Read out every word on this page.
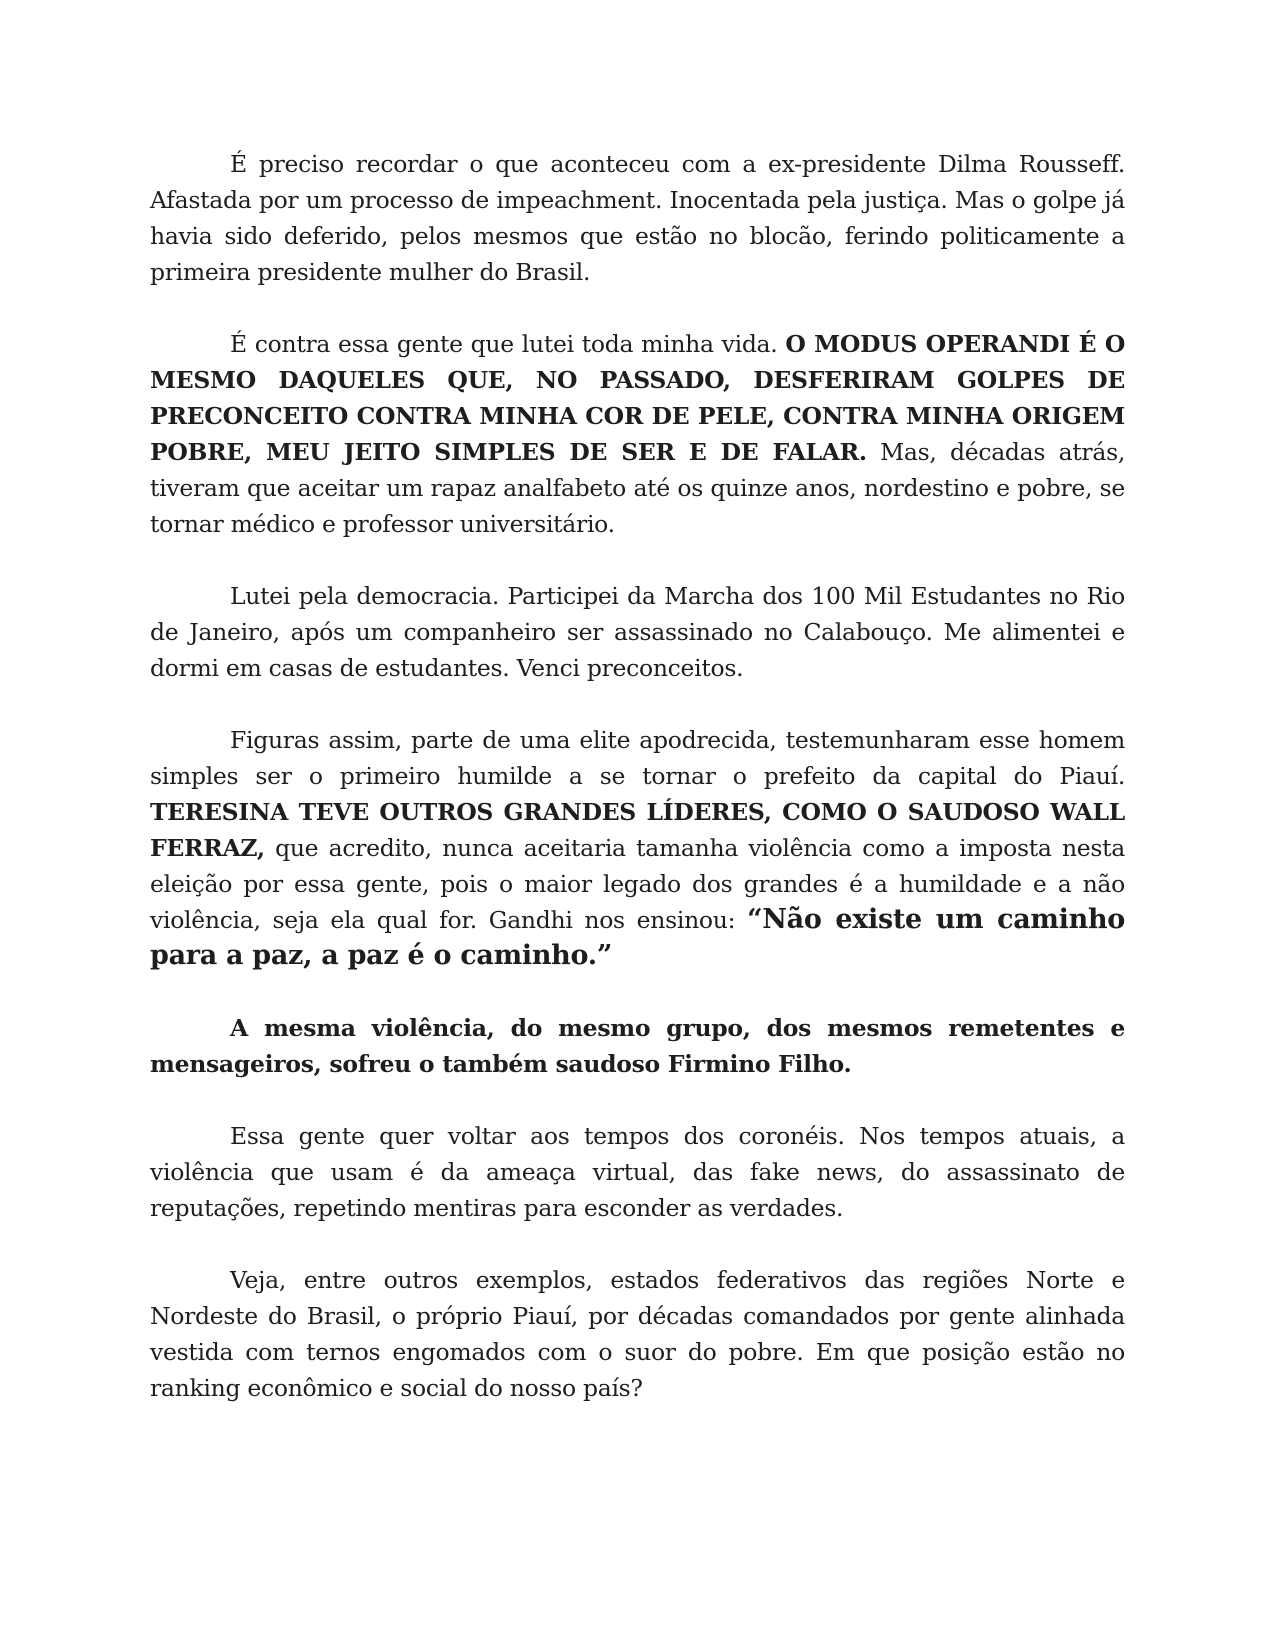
É preciso recordar o que aconteceu com a ex-presidente Dilma Rousseff. Afastada por um processo de impeachment. Inocentada pela justiça. Mas o golpe já havia sido deferido, pelos mesmos que estão no blocão, ferindo politicamente a primeira presidente mulher do Brasil.

É contra essa gente que lutei toda minha vida. O MODUS OPERANDI É O MESMO DAQUELES QUE, NO PASSADO, DESFERIRAM GOLPES DE PRECONCEITO CONTRA MINHA COR DE PELE, CONTRA MINHA ORIGEM POBRE, MEU JEITO SIMPLES DE SER E DE FALAR. Mas, décadas atrás, tiveram que aceitar um rapaz analfabeto até os quinze anos, nordestino e pobre, se tornar médico e professor universitário.

Lutei pela democracia. Participei da Marcha dos 100 Mil Estudantes no Rio de Janeiro, após um companheiro ser assassinado no Calabouço. Me alimentei e dormi em casas de estudantes. Venci preconceitos.

Figuras assim, parte de uma elite apodrecida, testemunharam esse homem simples ser o primeiro humilde a se tornar o prefeito da capital do Piauí. TERESINA TEVE OUTROS GRANDES LÍDERES, COMO O SAUDOSO WALL FERRAZ, que acredito, nunca aceitaria tamanha violência como a imposta nesta eleição por essa gente, pois o maior legado dos grandes é a humildade e a não violência, seja ela qual for. Gandhi nos ensinou: “Não existe um caminho para a paz, a paz é o caminho.”

A mesma violência, do mesmo grupo, dos mesmos remetentes e mensageiros, sofreu o também saudoso Firmino Filho.

Essa gente quer voltar aos tempos dos coronéis. Nos tempos atuais, a violência que usam é da ameaça virtual, das fake news, do assassinato de reputações, repetindo mentiras para esconder as verdades.

Veja, entre outros exemplos, estados federativos das regiões Norte e Nordeste do Brasil, o próprio Piauí, por décadas comandados por gente alinhada vestida com ternos engomados com o suor do pobre. Em que posição estão no ranking econômico e social do nosso país?
